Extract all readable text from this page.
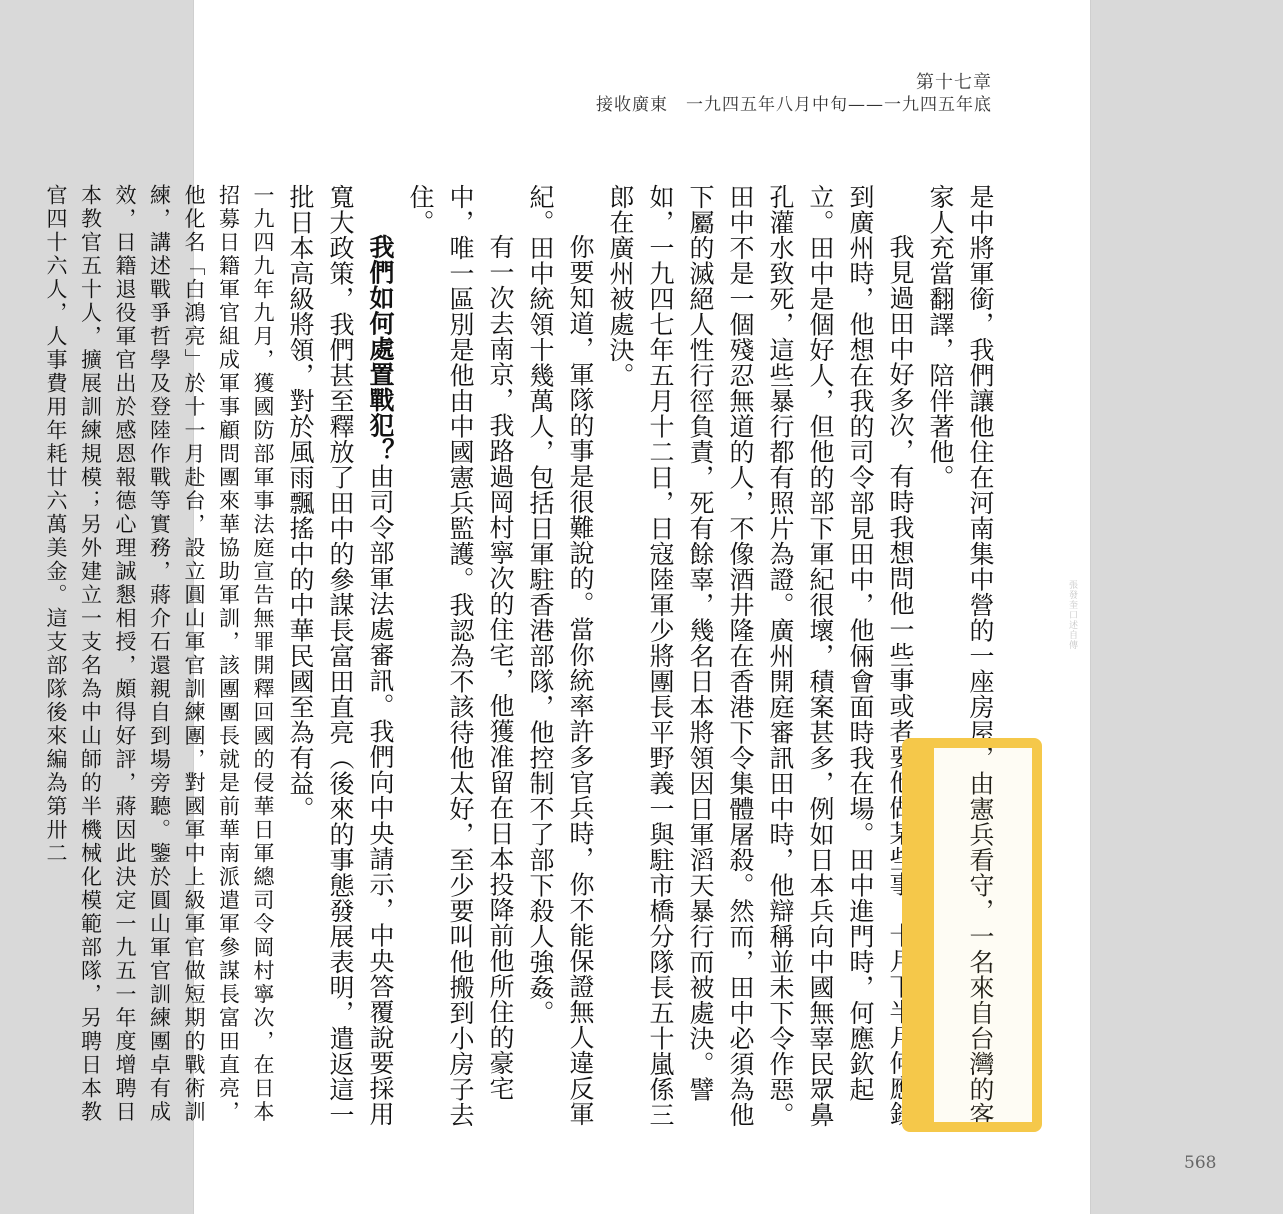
第十七章
接收廣東　一九四五年八月中旬——一九四五年底

是中將軍銜，我們讓他住在河南集中營的一座房屋，由憲兵看守，一名來自台灣的客家人充當翻譯，陪伴著他。

我見過田中好多次，有時我想問他一些事或者要他做某些事。十月下半月何應欽到廣州時，他想在我的司令部見田中，他倆會面時我在場。田中進門時，何應欽起立。田中是個好人，但他的部下軍紀很壞，積案甚多，例如日本兵向中國無辜民眾鼻孔灌水致死，這些暴行都有照片為證。廣州開庭審訊田中時，他辯稱並未下令作惡。田中不是一個殘忍無道的人，不像酒井隆在香港下令集體屠殺。然而，田中必須為他下屬的滅絕人性行徑負責，死有餘辜，幾名日本將領因日軍滔天暴行而被處決。譬如，一九四七年五月十二日，日寇陸軍少將團長平野義一與駐市橋分隊長五十嵐係三郎在廣州被處決。

你要知道，軍隊的事是很難說的。當你統率許多官兵時，你不能保證無人違反軍紀。田中統領十幾萬人，包括日軍駐香港部隊，他控制不了部下殺人強姦。

有一次去南京，我路過岡村寧次的住宅，他獲准留在日本投降前他所住的豪宅中，唯一區別是他由中國憲兵監護。我認為不該待他太好，至少要叫他搬到小房子去住。

我們如何處置戰犯？由司令部軍法處審訊。我們向中央請示，中央答覆說要採用寬大政策，我們甚至釋放了田中的參謀長富田直亮（後來的事態發展表明，遣返這一批日本高級將領，對於風雨飄搖中的中華民國至為有益。

一九四九年九月，獲國防部軍事法庭宣告無罪開釋回國的侵華日軍總司令岡村寧次，在日本招募日籍軍官組成軍事顧問團來華協助軍訓，該團團長就是前華南派遣軍參謀長富田直亮，他化名「白鴻亮」於十一月赴台，設立圓山軍官訓練團，對國軍中上級軍官做短期的戰術訓練，講述戰爭哲學及登陸作戰等實務，蔣介石還親自到場旁聽。鑒於圓山軍官訓練團卓有成效，日籍退役軍官出於感恩報德心理誠懇相授，頗得好評，蔣因此決定一九五一年度增聘日本教官五十人，擴展訓練規模；另外建立一支名為中山師的半機械化模範部隊，另聘日本教官四十六人，人事費用年耗廿六萬美金。這支部隊後來編為第卅二

568
張發奎口述自傳
